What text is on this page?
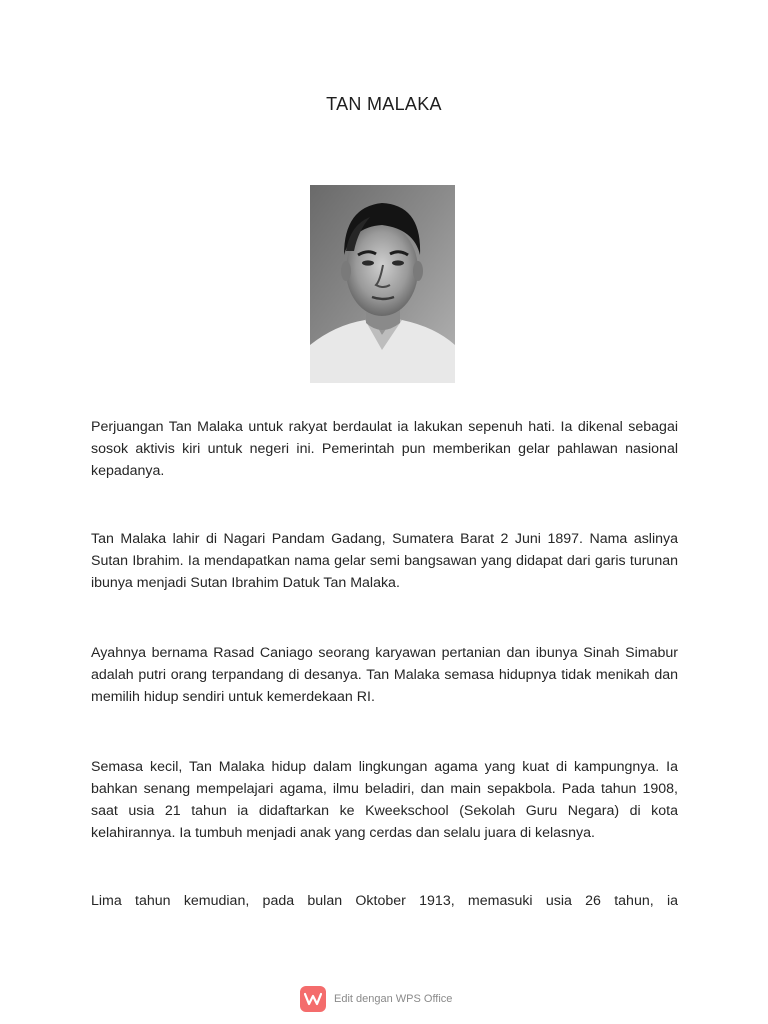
TAN MALAKA
Perjuangan Tan Malaka untuk rakyat berdaulat ia lakukan sepenuh hati. Ia dikenal sebagai sosok aktivis kiri untuk negeri ini. Pemerintah pun memberikan gelar pahlawan nasional kepadanya.
Tan Malaka lahir di Nagari Pandam Gadang, Sumatera Barat 2 Juni 1897. Nama aslinya Sutan Ibrahim. Ia mendapatkan nama gelar semi bangsawan yang didapat dari garis turunan ibunya menjadi Sutan Ibrahim Datuk Tan Malaka.
Ayahnya bernama Rasad Caniago seorang karyawan pertanian dan ibunya Sinah Simabur adalah putri orang terpandang di desanya. Tan Malaka semasa hidupnya tidak menikah dan memilih hidup sendiri untuk kemerdekaan RI.
Semasa kecil, Tan Malaka hidup dalam lingkungan agama yang kuat di kampungnya. Ia bahkan senang mempelajari agama, ilmu beladiri, dan main sepakbola. Pada tahun 1908, saat usia 21 tahun ia didaftarkan ke Kweekschool (Sekolah Guru Negara) di kota kelahirannya. Ia tumbuh menjadi anak yang cerdas dan selalu juara di kelasnya.
Lima tahun kemudian, pada bulan Oktober 1913, memasuki usia 26 tahun, ia
Edit dengan WPS Office
